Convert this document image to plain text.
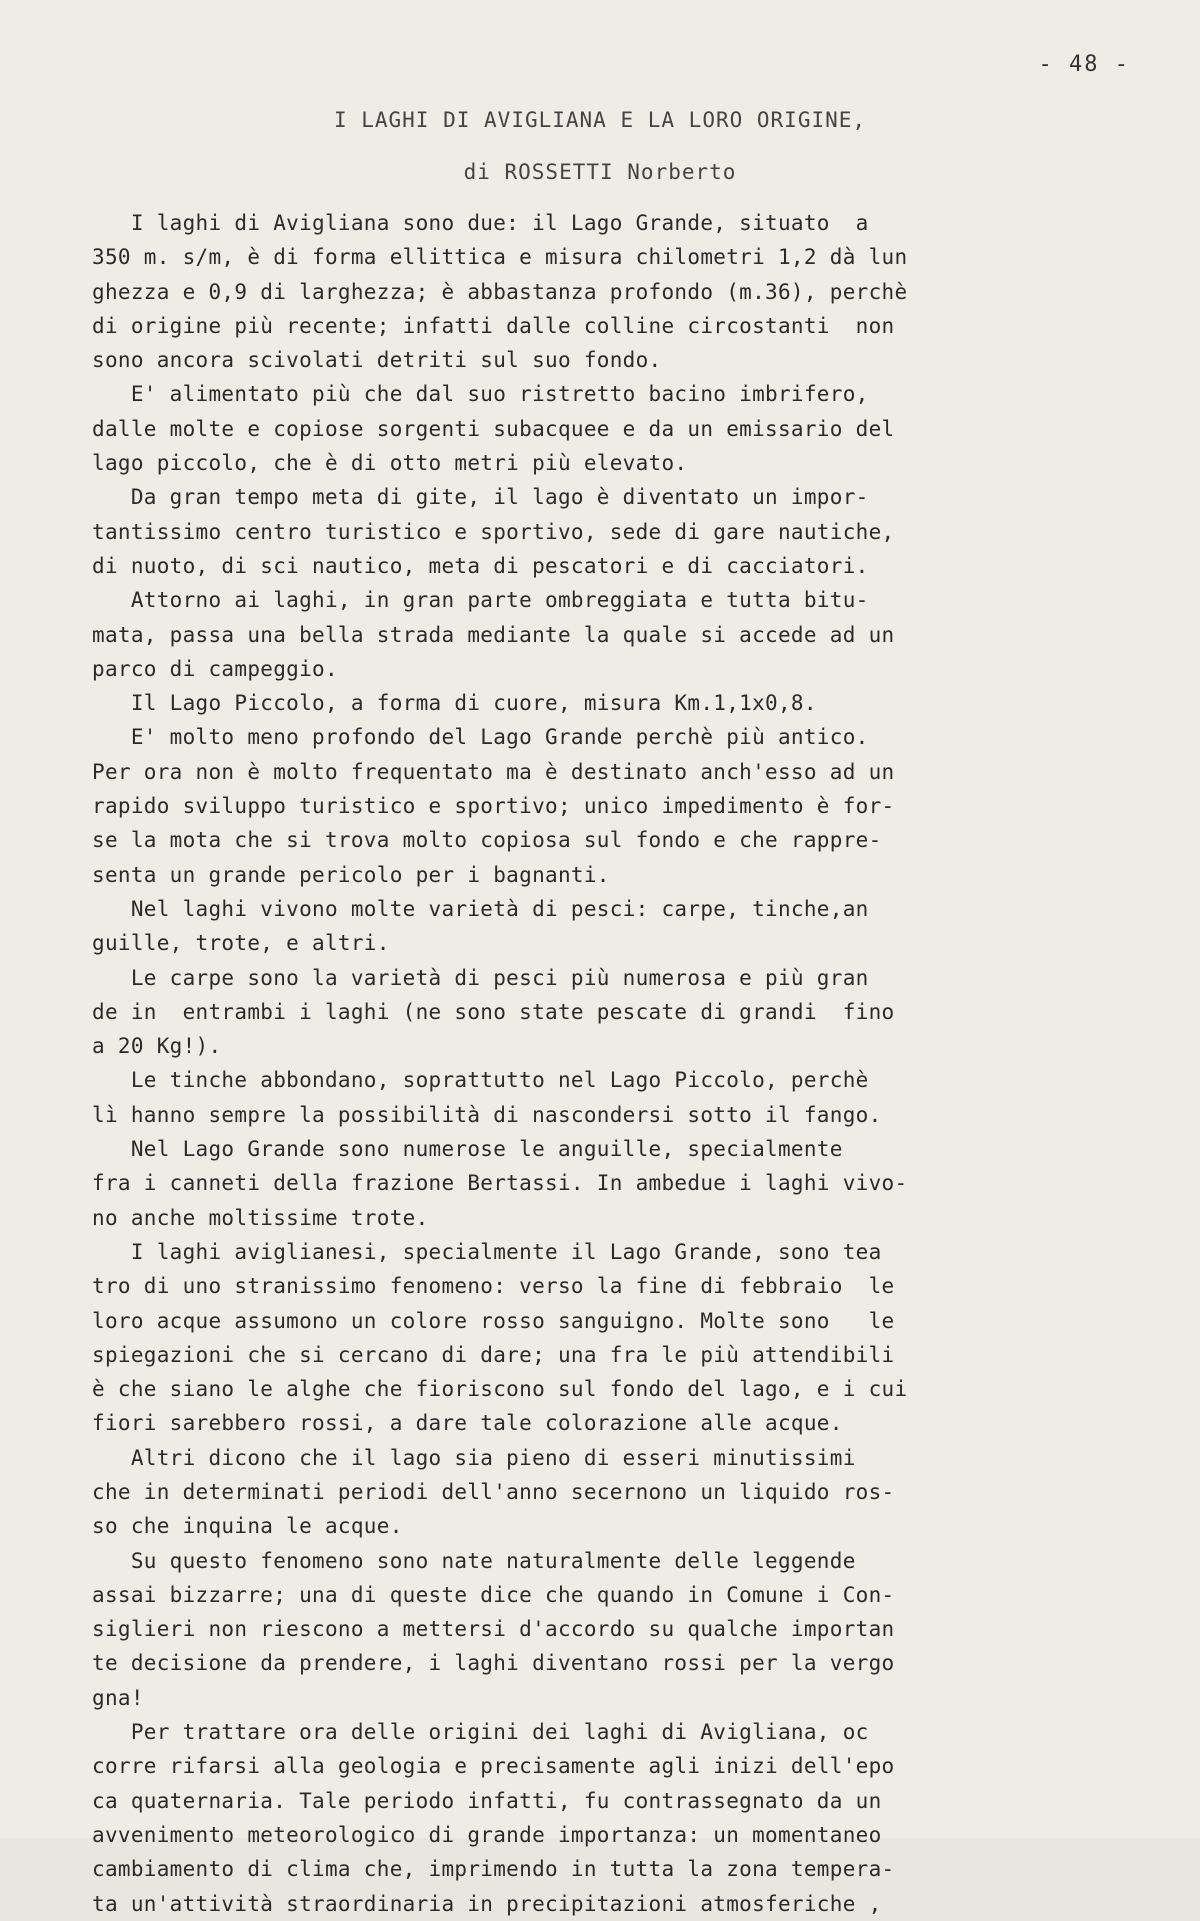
- 48 -
I LAGHI DI AVIGLIANA E LA LORO ORIGINE,
di ROSSETTI Norberto
I laghi di Avigliana sono due: il Lago Grande, situato  a
350 m. s/m, è di forma ellittica e misura chilometri 1,2 dà lun
ghezza e 0,9 di larghezza; è abbastanza profondo (m.36), perchè
di origine più recente; infatti dalle colline circostanti  non
sono ancora scivolati detriti sul suo fondo.
E' alimentato più che dal suo ristretto bacino imbrifero,
dalle molte e copiose sorgenti subacquee e da un emissario del
lago piccolo, che è di otto metri più elevato.
Da gran tempo meta di gite, il lago è diventato un impor-
tantissimo centro turistico e sportivo, sede di gare nautiche,
di nuoto, di sci nautico, meta di pescatori e di cacciatori.
Attorno ai laghi, in gran parte ombreggiata e tutta bitu-
mata, passa una bella strada mediante la quale si accede ad un
parco di campeggio.
Il Lago Piccolo, a forma di cuore, misura Km.1,1x0,8.
E' molto meno profondo del Lago Grande perchè più antico.
Per ora non è molto frequentato ma è destinato anch'esso ad un
rapido sviluppo turistico e sportivo; unico impedimento è for-
se la mota che si trova molto copiosa sul fondo e che rappre-
senta un grande pericolo per i bagnanti.
Nel laghi vivono molte varietà di pesci: carpe, tinche,an
guille, trote, e altri.
Le carpe sono la varietà di pesci più numerosa e più gran
de in  entrambi i laghi (ne sono state pescate di grandi  fino
a 20 Kg!).
Le tinche abbondano, soprattutto nel Lago Piccolo, perchè
lì hanno sempre la possibilità di nascondersi sotto il fango.
Nel Lago Grande sono numerose le anguille, specialmente
fra i canneti della frazione Bertassi. In ambedue i laghi vivo-
no anche moltissime trote.
I laghi aviglianesi, specialmente il Lago Grande, sono tea
tro di uno stranissimo fenomeno: verso la fine di febbraio  le
loro acque assumono un colore rosso sanguigno. Molte sono   le
spiegazioni che si cercano di dare; una fra le più attendibili
è che siano le alghe che fioriscono sul fondo del lago, e i cui
fiori sarebbero rossi, a dare tale colorazione alle acque.
Altri dicono che il lago sia pieno di esseri minutissimi
che in determinati periodi dell'anno secernono un liquido ros-
so che inquina le acque.
Su questo fenomeno sono nate naturalmente delle leggende
assai bizzarre; una di queste dice che quando in Comune i Con-
siglieri non riescono a mettersi d'accordo su qualche importan
te decisione da prendere, i laghi diventano rossi per la vergo
gna!
Per trattare ora delle origini dei laghi di Avigliana, oc
corre rifarsi alla geologia e precisamente agli inizi dell'epo
ca quaternaria. Tale periodo infatti, fu contrassegnato da un
avvenimento meteorologico di grande importanza: un momentaneo
cambiamento di clima che, imprimendo in tutta la zona tempera-
ta un'attività straordinaria in precipitazioni atmosferiche ,
